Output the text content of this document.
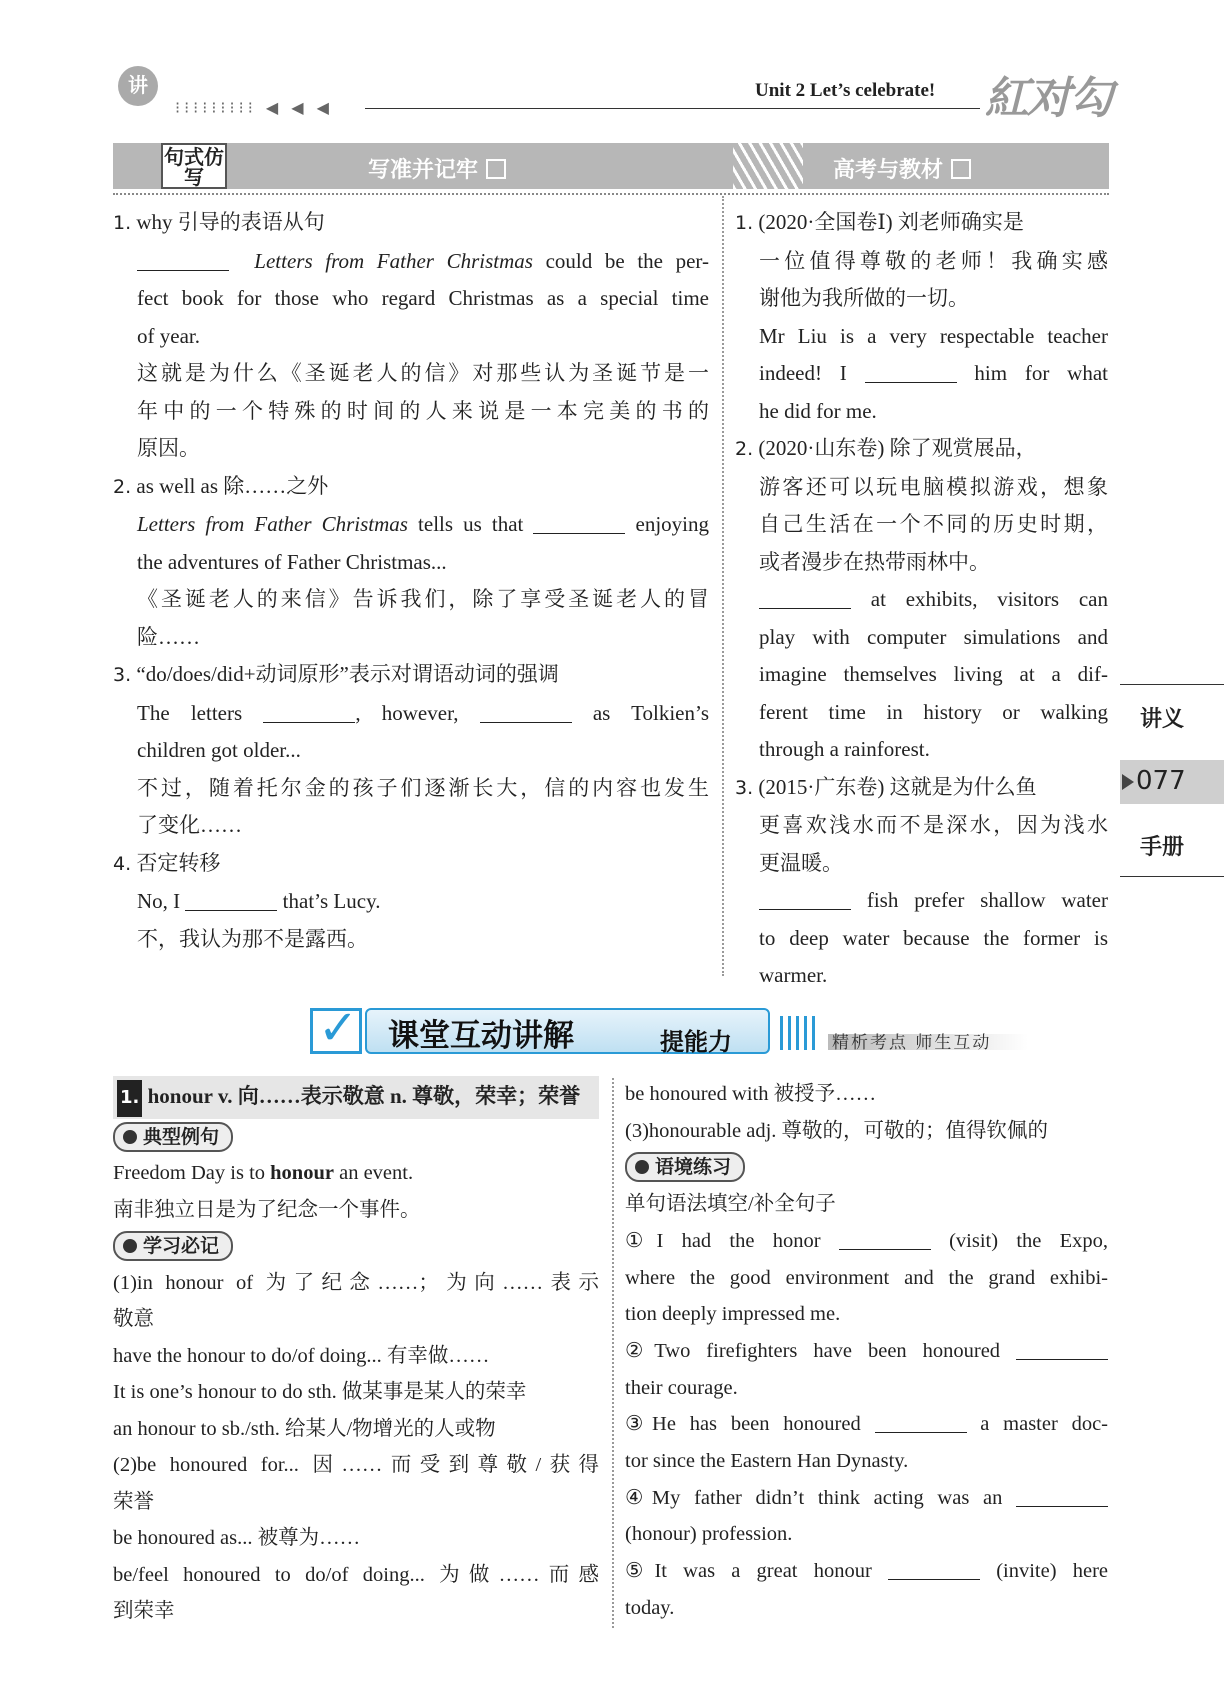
讲
⁝⁝⁝⁝⁝⁝⁝⁝⁝ ◀ ◀ ◀
Unit 2 Let’s celebrate! 紅对勾
句式仿写	写准并记牢	高考与教材

1. why 引导的表语从句

Letters from Father Christmas could be the per-

fect book for those who regard Christmas as a special time

of year.

这就是为什么《圣诞老人的信》对那些认为圣诞节是一

年中的一个特殊的时间的人来说是一本完美的书的

原因。

2. as well as 除……之外

Letters from Father Christmas tells us that	enjoying

the adventures of Father Christmas...

《圣诞老人的来信》告诉我们，除了享受圣诞老人的冒

险……

3. “do/does/did+动词原形”表示对谓语动词的强调

The letters	, however,	as Tolkien’s

children got older...

不过，随着托尔金的孩子们逐渐长大，信的内容也发生

了变化……

4. 否定转移

No, I	that’s Lucy.

不，我认为那不是露西。

1. (2020·全国卷Ⅰ) 刘老师确实是

一位值得尊敬的老师！我确实感

谢他为我所做的一切。

Mr Liu is a very respectable teacher

indeed! I	him for what

he did for me.

2. (2020·山东卷) 除了观赏展品，

游客还可以玩电脑模拟游戏，想象

自己生活在一个不同的历史时期，

或者漫步在热带雨林中。

at exhibits, visitors can

play with computer simulations and

imagine themselves living at a dif-

ferent time in history or walking

through a rainforest.

3. (2015·广东卷) 这就是为什么鱼

更喜欢浅水而不是深水，因为浅水

更温暖。

fish prefer shallow water

to deep water because the former is

warmer.

讲义
077
手册
✓ 课堂互动讲解	提能力	精析考点 师生互动

1. honour v. 向……表示敬意 n. 尊敬，荣幸；荣誉

典型例句

Freedom Day is to honour an event.

南非独立日是为了纪念一个事件。

学习必记

(1)in honour of 为了纪念……；为向……表示

敬意

have the honour to do/of doing... 有幸做……

It is one’s honour to do sth. 做某事是某人的荣幸

an honour to sb./sth. 给某人/物增光的人或物

(2)be honoured for... 因……而受到尊敬/获得

荣誉

be honoured as... 被尊为……

be/feel honoured to do/of doing... 为做……而感

到荣幸

be honoured with 被授予……

(3)honourable adj. 尊敬的，可敬的；值得钦佩的

语境练习

单句语法填空/补全句子

①I had the honor	(visit) the Expo,

where the good environment and the grand exhibi-

tion deeply impressed me.

②Two firefighters have been honoured

their courage.

③He has been honoured	a master doc-

tor since the Eastern Han Dynasty.

④My father didn’t think acting was an

(honour) profession.

⑤It was a great honour	(invite) here

today.
